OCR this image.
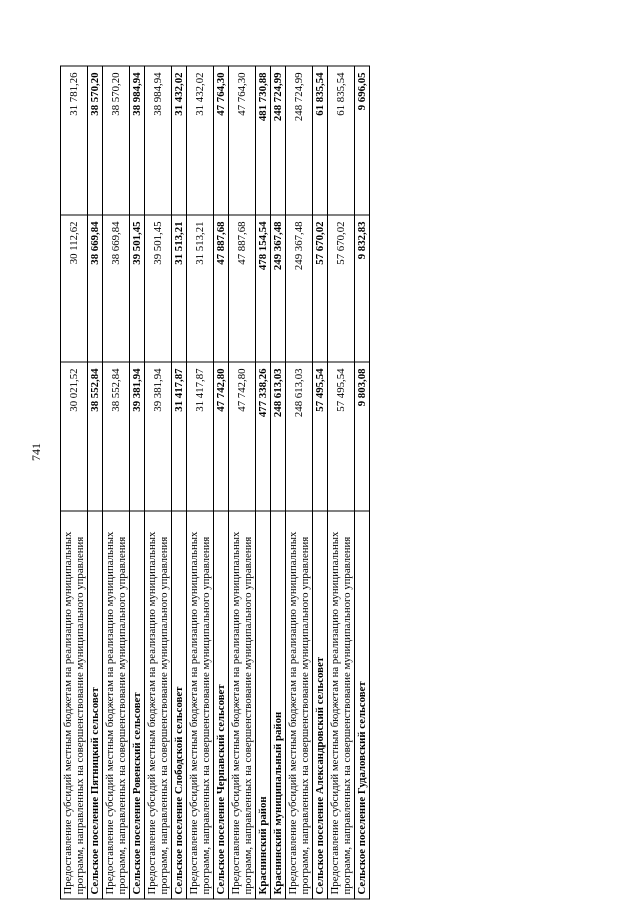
741
Предоставление субсидий местным бюджетам на реализацию муниципальных программ, направленных на совершенствование муниципального управления	30 021,52	30 112,62	31 781,26
Сельское поселение Пятницкий сельсовет	38 552,84	38 669,84	38 570,20
Предоставление субсидий местным бюджетам на реализацию муниципальных программ, направленных на совершенствование муниципального управления	38 552,84	38 669,84	38 570,20
Сельское поселение Ровенский сельсовет	39 381,94	39 501,45	38 984,94
Предоставление субсидий местным бюджетам на реализацию муниципальных программ, направленных на совершенствование муниципального управления	39 381,94	39 501,45	38 984,94
Сельское поселение Слободской сельсовет	31 417,87	31 513,21	31 432,02
Предоставление субсидий местным бюджетам на реализацию муниципальных программ, направленных на совершенствование муниципального управления	31 417,87	31 513,21	31 432,02
Сельское поселение Черпавский сельсовет	47 742,80	47 887,68	47 764,30
Предоставление субсидий местным бюджетам на реализацию муниципальных программ, направленных на совершенствование муниципального управления	47 742,80	47 887,68	47 764,30
Краснинский район	477 338,26	478 154,54	481 730,88
Краснинский муниципальный район	248 613,03	249 367,48	248 724,99
Предоставление субсидий местным бюджетам на реализацию муниципальных программ, направленных на совершенствование муниципального управления	248 613,03	249 367,48	248 724,99
Сельское поселение Александровский сельсовет	57 495,54	57 670,02	61 835,54
Предоставление субсидий местным бюджетам на реализацию муниципальных программ, направленных на совершенствование муниципального управления	57 495,54	57 670,02	61 835,54
Сельское поселение Гудаловский сельсовет	9 803,08	9 832,83	9 696,05
